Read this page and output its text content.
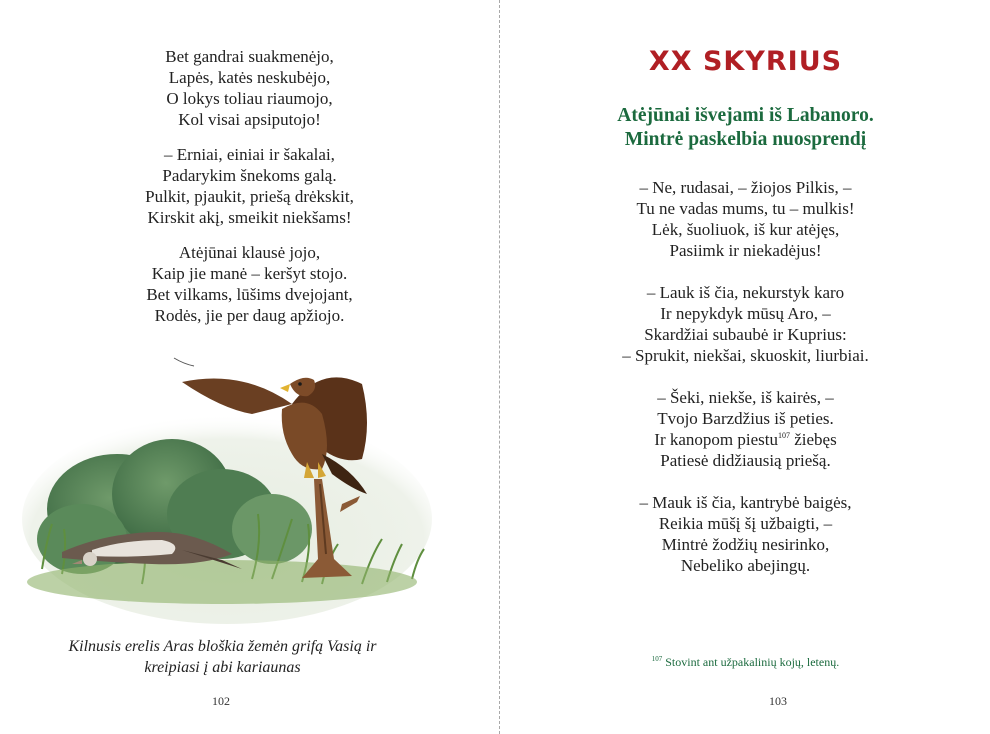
Bet gandrai suakmenėjo,
Lapės, katės neskubėjo,
O lokys toliau riaumojo,
Kol visai apsiputojo!
– Erniai, einiai ir šakalai,
Padarykim šnekoms galą.
Pulkit, pjaukit, priešą drėkskit,
Kirskit akį, smeikit niekšams!
Atėjūnai klausė jojo,
Kaip jie manė – keršyt stojo.
Bet vilkams, lūšims dvejojant,
Rodės, jie per daug apžiojo.
Kilnusis erelis Aras bloškia žemėn grifą Vasią ir
kreipiasi į abi kariaunas
102
XX SKYRIUS
Atėjūnai išvejami iš Labanoro.
Mintrė paskelbia nuosprendį
– Ne, rudasai, – žiojos Pilkis, –
Tu ne vadas mums, tu – mulkis!
Lėk, šuoliuok, iš kur atėjęs,
Pasiimk ir niekadėjus!
– Lauk iš čia, nekurstyk karo
Ir nepykdyk mūsų Aro, –
Skardžiai subaubė ir Kuprius:
– Sprukit, niekšai, skuoskit, liurbiai.
– Šeki, niekše, iš kairės, –
Tvojo Barzdžius iš peties.
Ir kanopom piestu$^{107}$ žiebęs
Patiesė didžiausią priešą.
– Mauk iš čia, kantrybė baigės,
Reikia mūšį šį užbaigti, –
Mintrė žodžių nesirinko,
Nebeliko abejingų.
$^{107}$ Stovint ant užpakalinių kojų, letenų.
103
